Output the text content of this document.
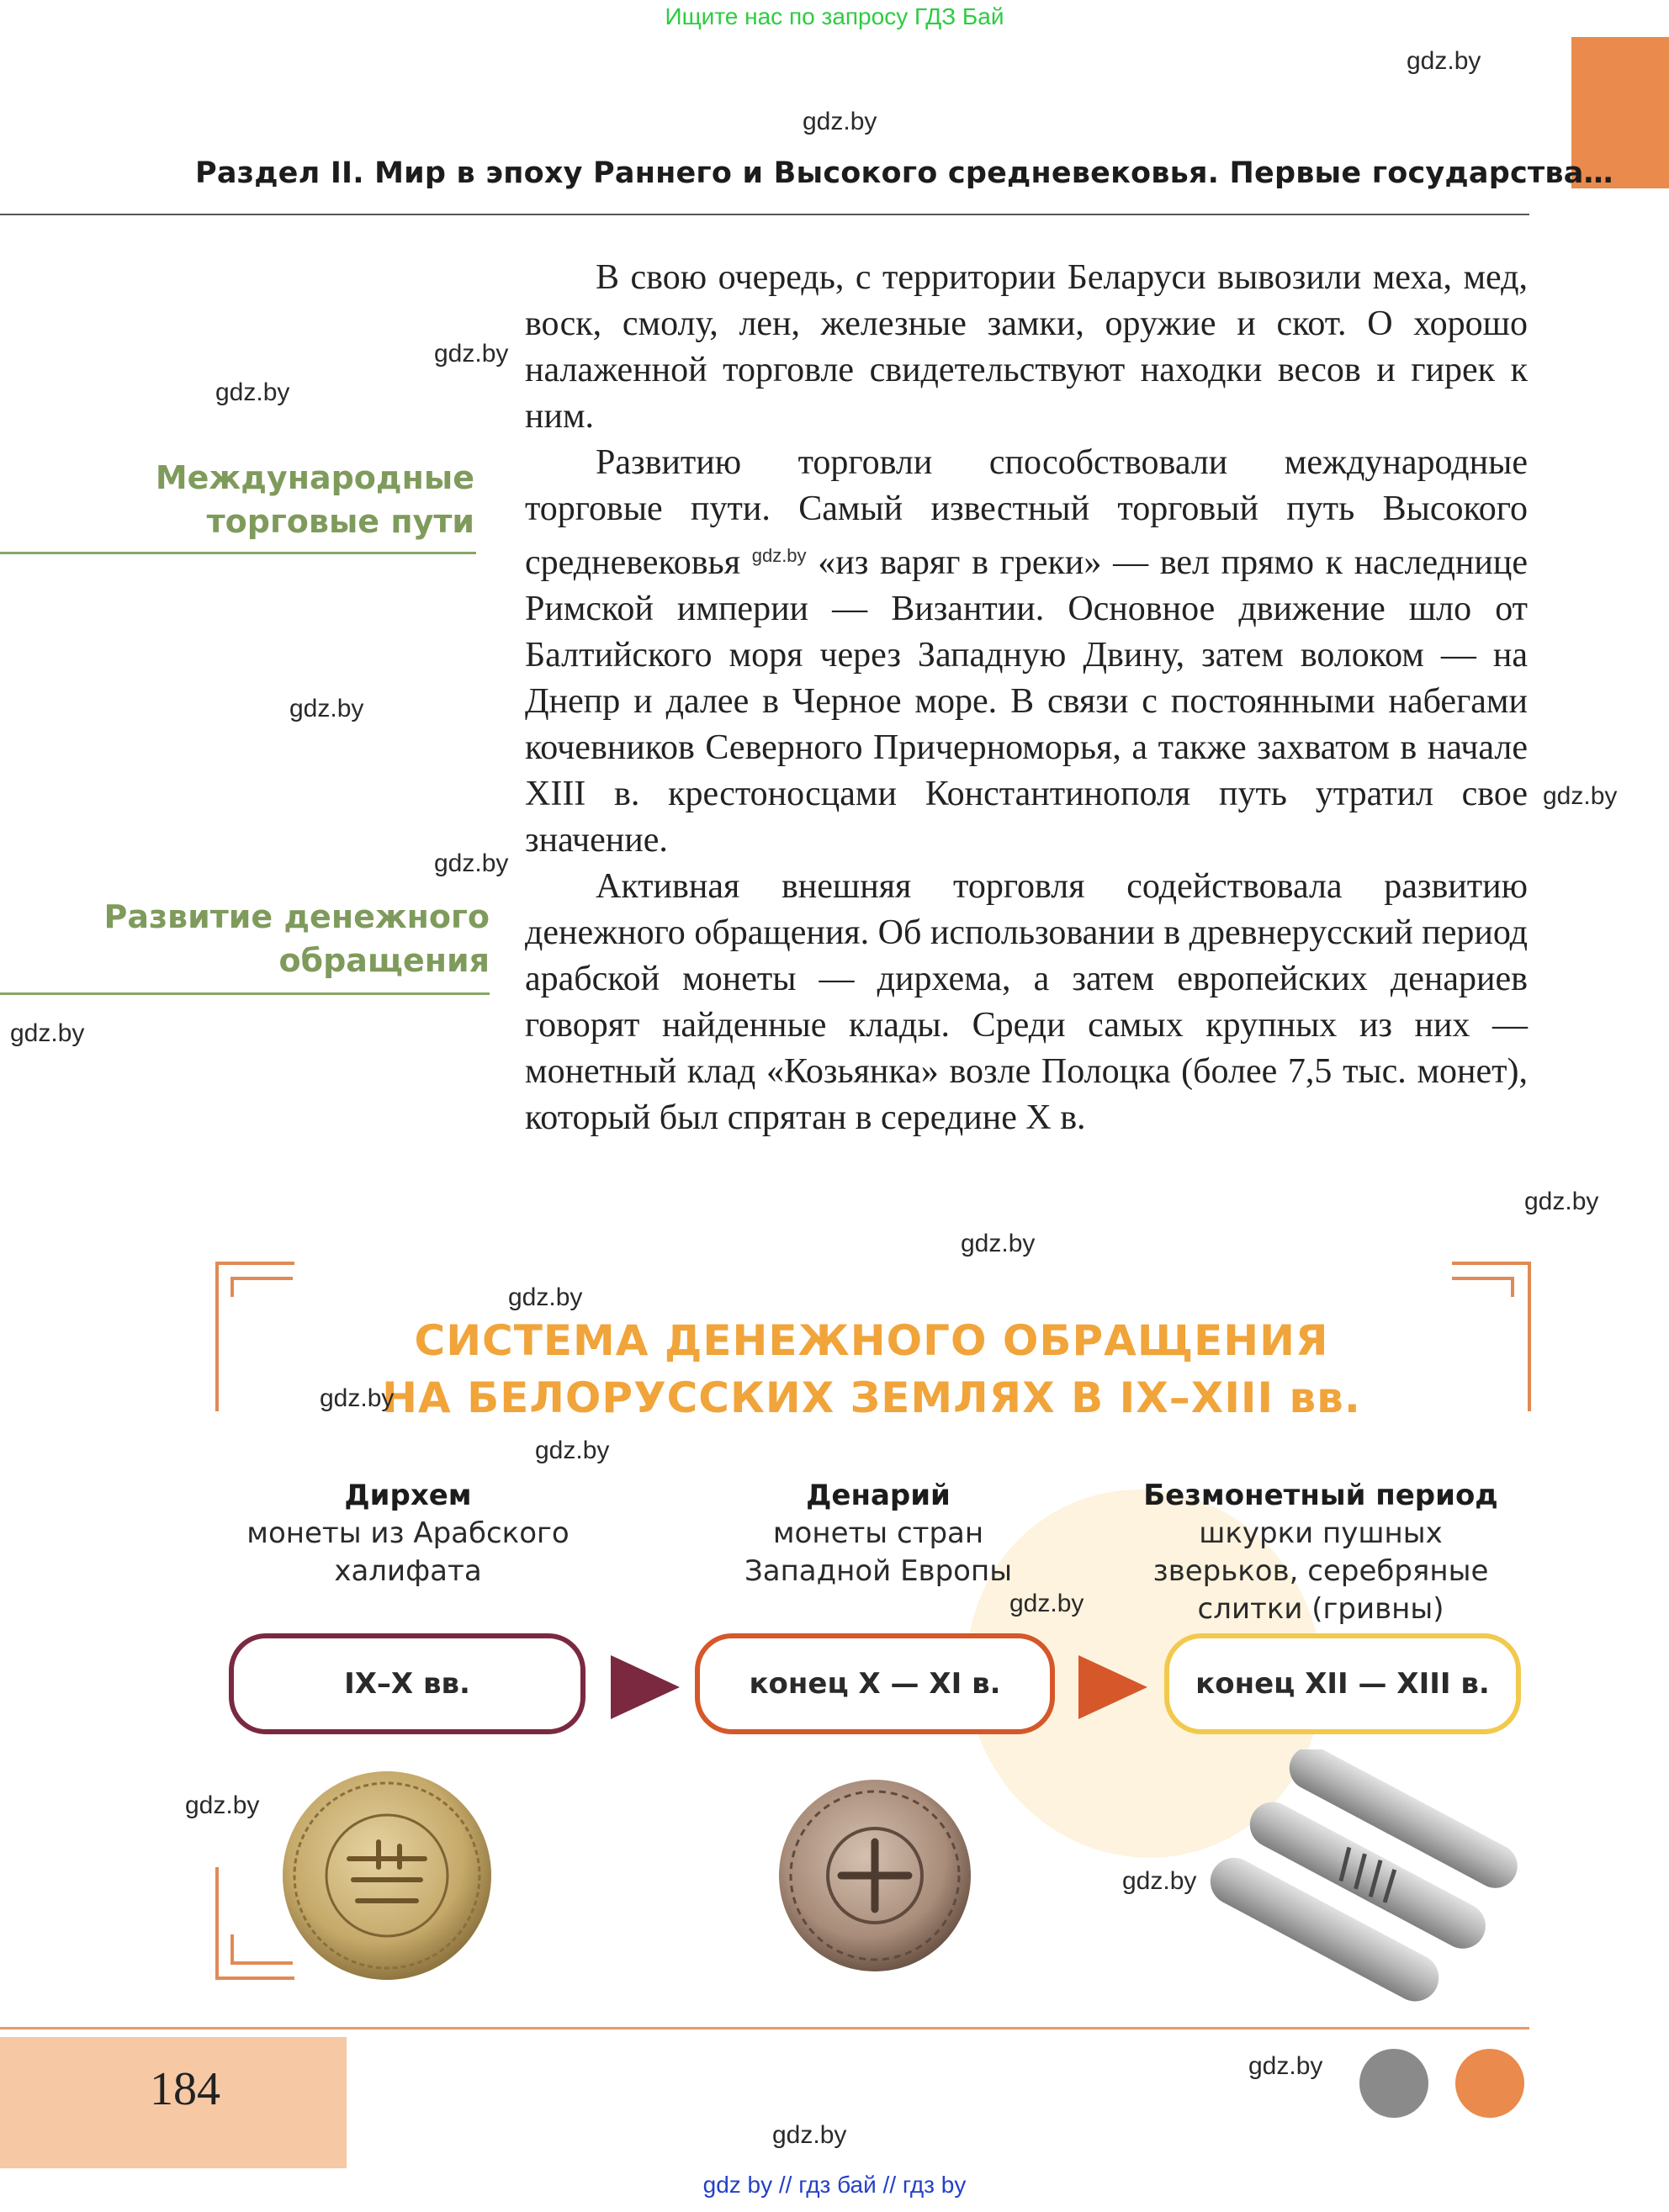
Ищите нас по запросу ГДЗ Бай
gdz.by
gdz.by
Раздел II. Мир в эпоху Раннего и Высокого средневековья. Первые государства…
gdz.by
gdz.by
Международные
торговые пути
gdz.by
gdz.by
Развитие денежного
обращения
gdz.by
gdz.by
gdz.by
gdz.by

В свою очередь, с территории Беларуси вывозили меха, мед, воск, смолу, лен, железные замки, оружие и скот. О хорошо налаженной торговле свидетельствуют находки весов и гирек к ним.

Развитию торговли способствовали международные торговые пути. Самый известный торговый путь Высокого средневековья $^{gdz.by}$ «из варяг в греки» — вел прямо к наследнице Римской империи — Византии. Основное движение шло от Балтийского моря через Западную Двину, затем волоком — на Днепр и далее в Черное море. В связи с постоянными набегами кочевников Северного Причерноморья, а также захватом в начале XIII в. крестоносцами Константинополя путь утратил свое значение.

Активная внешняя торговля содействовала развитию денежного обращения. Об использовании в древнерусский период арабской монеты — дирхема, а затем европейских денариев говорят найденные клады. Среди самых крупных из них — монетный клад «Козьянка» возле Полоцка (более 7,5 тыс. монет), который был спрятан в середине X в.

gdz.by
СИСТЕМА ДЕНЕЖНОГО ОБРАЩЕНИЯ
НА БЕЛОРУССКИХ ЗЕМЛЯХ В IX–XIII вв.
gdz.by
gdz.by
Дирхем
монеты из Арабского
халифата
Денарий
монеты стран
Западной Европы
Безмонетный период
шкурки пушных
зверьков, серебряные
слитки (гривны)
gdz.by
IX–X вв.	конец X — XI в.	конец XII — XIII в.
gdz.by
gdz.by
184	gdz.by
gdz.by
gdz by // гдз бай // гдз by
